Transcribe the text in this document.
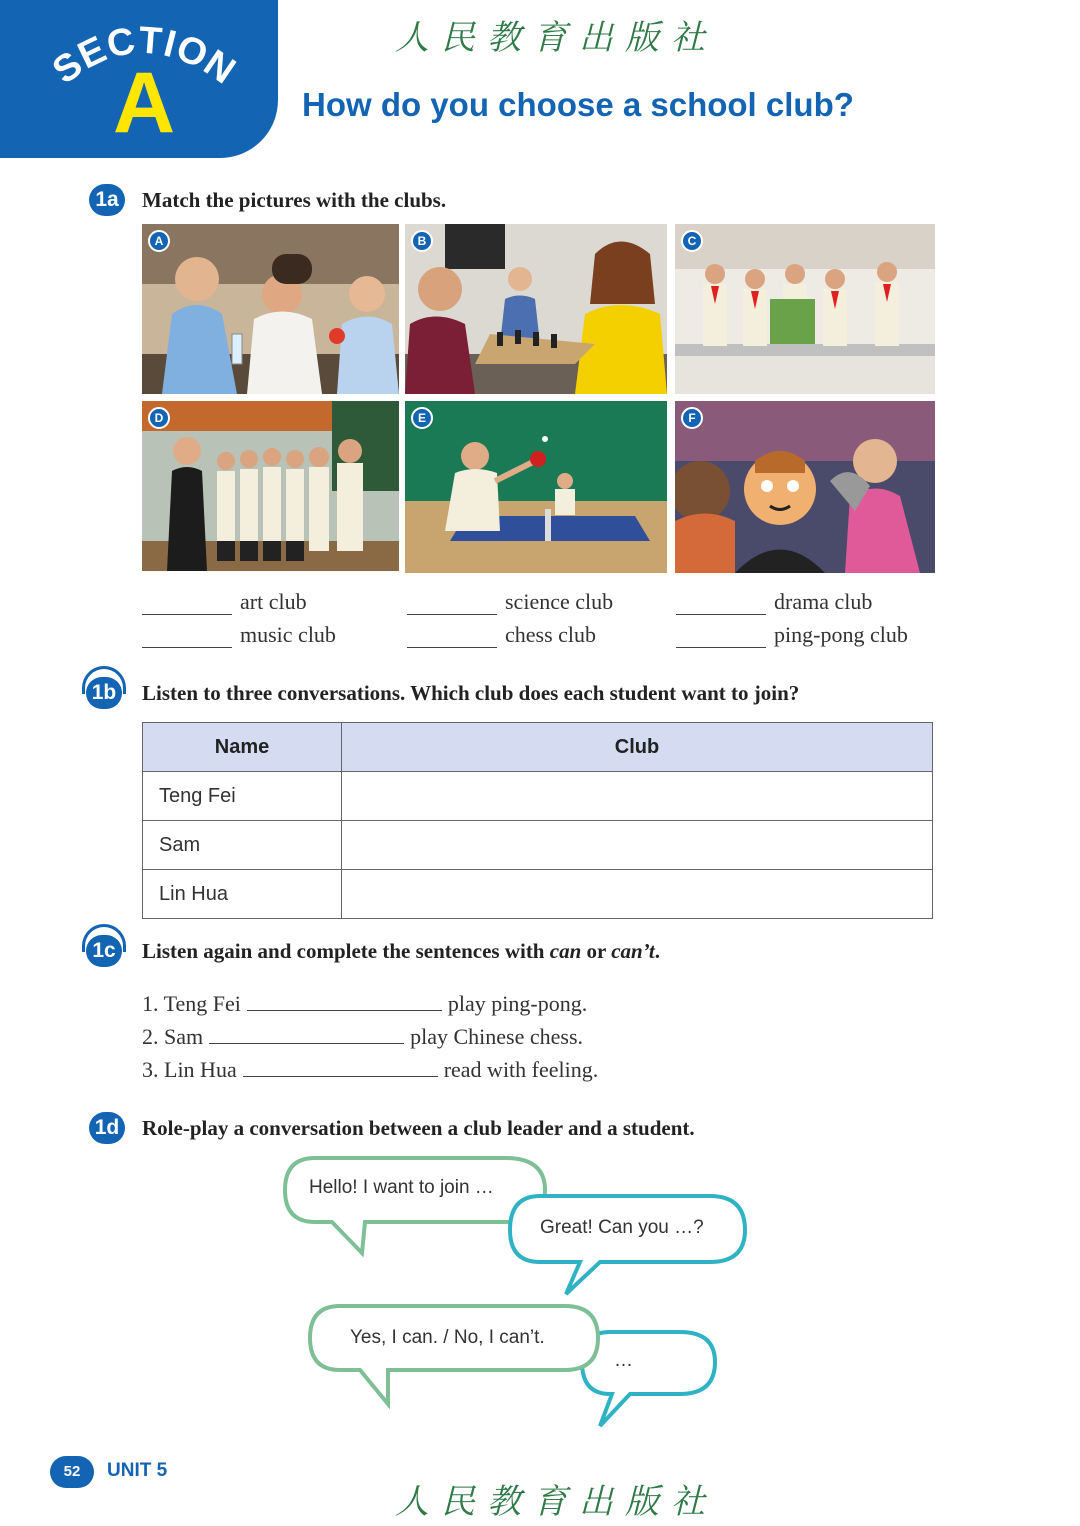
SECTION
A
人民教育出版社
How do you choose a school club?
1a	Match the pictures with the clubs.
A	B	C
D	E	F
art club	science club	drama club
music club	chess club	ping-pong club
1b Listen to three conversations. Which club does each student want to join?
Name	Club
Teng Fei	
Sam	
Lin Hua	
1c	Listen again and complete the sentences with can or can’t.
1. Teng Fei	play ping-pong.
2. Sam	play Chinese chess.
3. Lin Hua	read with feeling.
1d Role-play a conversation between a club leader and a student.
Hello! I want to join …
Great! Can you …?
Yes, I can. / No, I can’t.
…
52	UNIT 5
人民教育出版社
